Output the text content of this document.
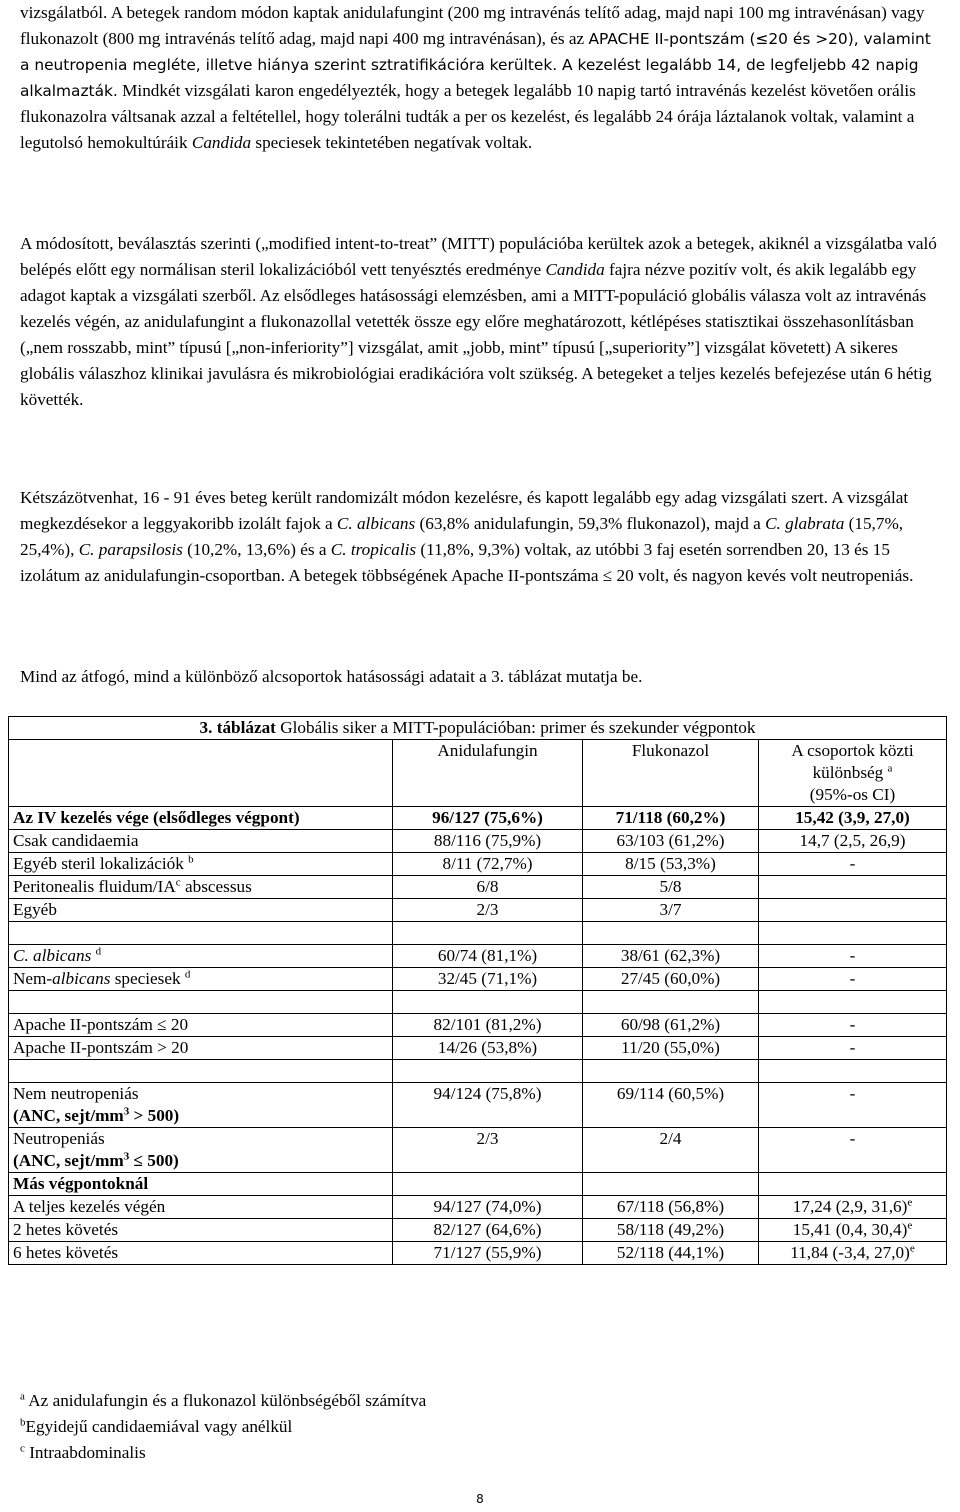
vizsgálatból. A betegek random módon kaptak anidulafungint (200 mg intravénás telítő adag, majd napi 100 mg intravénásan) vagy flukonazolt (800 mg intravénás telítő adag, majd napi 400 mg intravénásan), és az APACHE II-pontszám (≤20 és >20), valamint a neutropenia megléte, illetve hiánya szerint sztratifikációra kerültek. A kezelést legalább 14, de legfeljebb 42 napig alkalmazták. Mindkét vizsgálati karon engedélyezték, hogy a betegek legalább 10 napig tartó intravénás kezelést követően orális flukonazolra váltsanak azzal a feltétellel, hogy tolerálni tudták a per os kezelést, és legalább 24 órája láztalanok voltak, valamint a legutolsó hemokultúráik Candida speciesek tekintetében negatívak voltak.

A módosított, beválasztás szerinti („modified intent-to-treat” (MITT) populációba kerültek azok a betegek, akiknél a vizsgálatba való belépés előtt egy normálisan steril lokalizációból vett tenyésztés eredménye Candida fajra nézve pozitív volt, és akik legalább egy adagot kaptak a vizsgálati szerből. Az elsődleges hatásossági elemzésben, ami a MITT-populáció globális válasza volt az intravénás kezelés végén, az anidulafungint a flukonazollal vetették össze egy előre meghatározott, kétlépéses statisztikai összehasonlításban („nem rosszabb, mint” típusú [„non-inferiority”] vizsgálat, amit „jobb, mint” típusú [„superiority”] vizsgálat követett) A sikeres globális válaszhoz klinikai javulásra és mikrobiológiai eradikációra volt szükség. A betegeket a teljes kezelés befejezése után 6 hétig követték.

Kétszázötvenhat, 16 - 91 éves beteg került randomizált módon kezelésre, és kapott legalább egy adag vizsgálati szert. A vizsgálat megkezdésekor a leggyakoribb izolált fajok a C. albicans (63,8% anidulafungin, 59,3% flukonazol), majd a C. glabrata (15,7%, 25,4%), C. parapsilosis (10,2%, 13,6%) és a C. tropicalis (11,8%, 9,3%) voltak, az utóbbi 3 faj esetén sorrendben 20, 13 és 15 izolátum az anidulafungin-csoportban. A betegek többségének Apache II-pontszáma ≤ 20 volt, és nagyon kevés volt neutropeniás.

Mind az átfogó, mind a különböző alcsoportok hatásossági adatait a 3. táblázat mutatja be.

3. táblázat Globális siker a MITT-populációban: primer és szekunder végpontok			
	Anidulafungin	Flukonazol	A csoportok közti különbség $^a$
(95%-os CI)
Az IV kezelés vége (elsődleges végpont)	96/127 (75,6%)	71/118 (60,2%)	15,42 (3,9, 27,0)
Csak candidaemia	88/116 (75,9%)	63/103 (61,2%)	14,7 (2,5, 26,9)
Egyéb steril lokalizációk $^b$	8/11 (72,7%)	8/15 (53,3%)	-
Peritonealis fluidum/$IA^c$ abscessus	6/8	5/8	
Egyéb	2/3	3/7	

C. albicans $^d$	60/74 (81,1%)	38/61 (62,3%)	-
Nem-albicans speciesek $^d$	32/45 (71,1%)	27/45 (60,0%)	-

Apache II-pontszám ≤ 20	82/101 (81,2%)	60/98 (61,2%)	-
Apache II-pontszám > 20	14/26 (53,8%)	11/20 (55,0%)	-

Nem neutropeniás
(ANC, sejt/$mm^3 > 500$)	94/124 (75,8%)	69/114 (60,5%)	-
Neutropeniás
(ANC, sejt/$mm^3 \le 500$)	2/3	2/4	-
Más végpontoknál			
A teljes kezelés végén	94/127 (74,0%)	67/118 (56,8%)	17,24 (2,9, 31,6)$^e$
2 hetes követés	82/127 (64,6%)	58/118 (49,2%)	15,41 (0,4, 30,4)$^e$
6 hetes követés	71/127 (55,9%)	52/118 (44,1%)	11,84 (-3,4, 27,0)$^e$
$^a$ Az anidulafungin és a flukonazol különbségéből számítva
$^b$Egyidejű candidaemiával vagy anélkül
$^c$ Intraabdominalis
8
